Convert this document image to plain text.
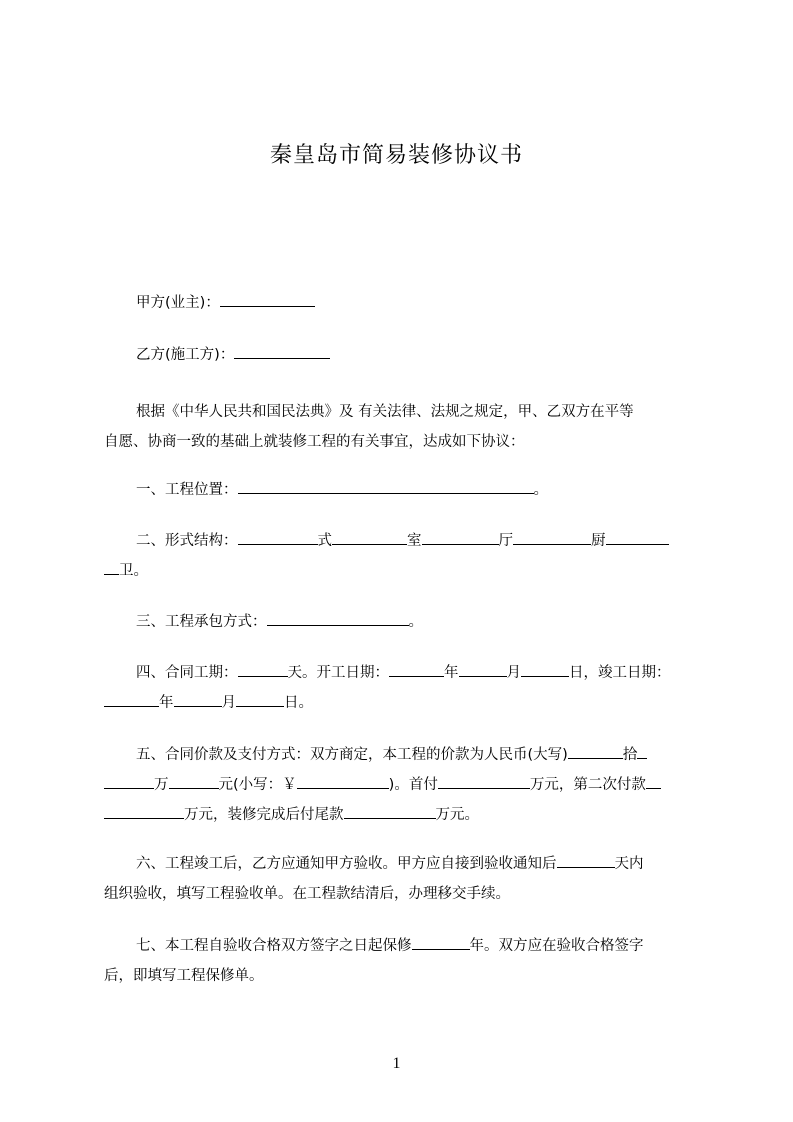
秦皇岛市简易装修协议书
甲方(业主)：
乙方(施工方)：
根据《中华人民共和国民法典》及 有关法律、法规之规定，甲、乙双方在平等
自愿、协商一致的基础上就装修工程的有关事宜，达成如下协议：
一、工程位置：	。
二、形式结构：	式	室	厅	厨
卫。
三、工程承包方式：	。
四、合同工期：	天。开工日期：	年	月	日，竣工日期：
年	月	日。
五、合同价款及支付方式：双方商定，本工程的价款为人民币(大写)	拾
万	元(小写：￥	)。首付	万元，第二次付款
万元，装修完成后付尾款	万元。
六、工程竣工后，乙方应通知甲方验收。甲方应自接到验收通知后	天内
组织验收，填写工程验收单。在工程款结清后，办理移交手续。
七、本工程自验收合格双方签字之日起保修	年。双方应在验收合格签字
后，即填写工程保修单。
1
